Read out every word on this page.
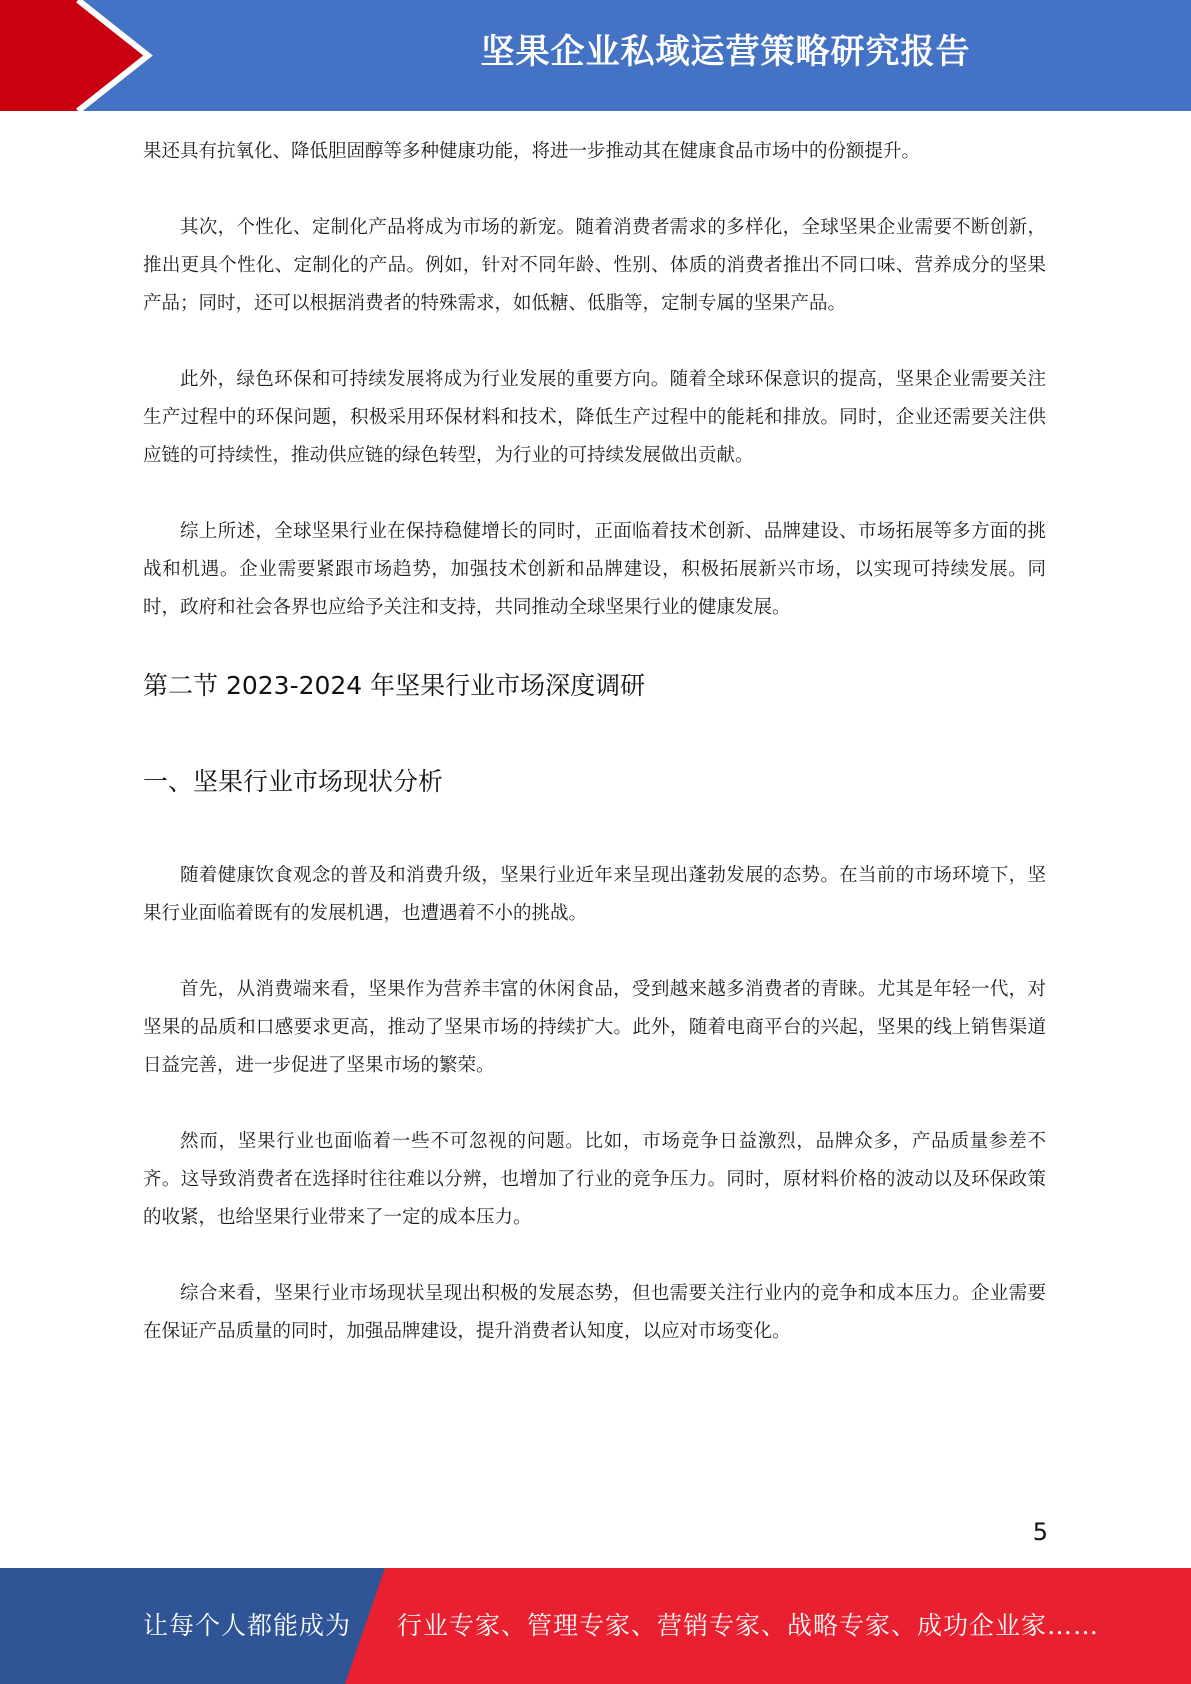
坚果企业私域运营策略研究报告

果还具有抗氧化、降低胆固醇等多种健康功能，将进一步推动其在健康食品市场中的份额提升。

其次，个性化、定制化产品将成为市场的新宠。随着消费者需求的多样化，全球坚果企业需要不断创新，推出更具个性化、定制化的产品。例如，针对不同年龄、性别、体质的消费者推出不同口味、营养成分的坚果产品；同时，还可以根据消费者的特殊需求，如低糖、低脂等，定制专属的坚果产品。

此外，绿色环保和可持续发展将成为行业发展的重要方向。随着全球环保意识的提高，坚果企业需要关注生产过程中的环保问题，积极采用环保材料和技术，降低生产过程中的能耗和排放。同时，企业还需要关注供应链的可持续性，推动供应链的绿色转型，为行业的可持续发展做出贡献。

综上所述，全球坚果行业在保持稳健增长的同时，正面临着技术创新、品牌建设、市场拓展等多方面的挑战和机遇。企业需要紧跟市场趋势，加强技术创新和品牌建设，积极拓展新兴市场，以实现可持续发展。同时，政府和社会各界也应给予关注和支持，共同推动全球坚果行业的健康发展。

第二节 2023-2024 年坚果行业市场深度调研
一、坚果行业市场现状分析

随着健康饮食观念的普及和消费升级，坚果行业近年来呈现出蓬勃发展的态势。在当前的市场环境下，坚果行业面临着既有的发展机遇，也遭遇着不小的挑战。

首先，从消费端来看，坚果作为营养丰富的休闲食品，受到越来越多消费者的青睐。尤其是年轻一代，对坚果的品质和口感要求更高，推动了坚果市场的持续扩大。此外，随着电商平台的兴起，坚果的线上销售渠道日益完善，进一步促进了坚果市场的繁荣。

然而，坚果行业也面临着一些不可忽视的问题。比如，市场竞争日益激烈，品牌众多，产品质量参差不齐。这导致消费者在选择时往往难以分辨，也增加了行业的竞争压力。同时，原材料价格的波动以及环保政策的收紧，也给坚果行业带来了一定的成本压力。

综合来看，坚果行业市场现状呈现出积极的发展态势，但也需要关注行业内的竞争和成本压力。企业需要在保证产品质量的同时，加强品牌建设，提升消费者认知度，以应对市场变化。

5
让每个人都能成为 行业专家、管理专家、营销专家、战略专家、成功企业家……
